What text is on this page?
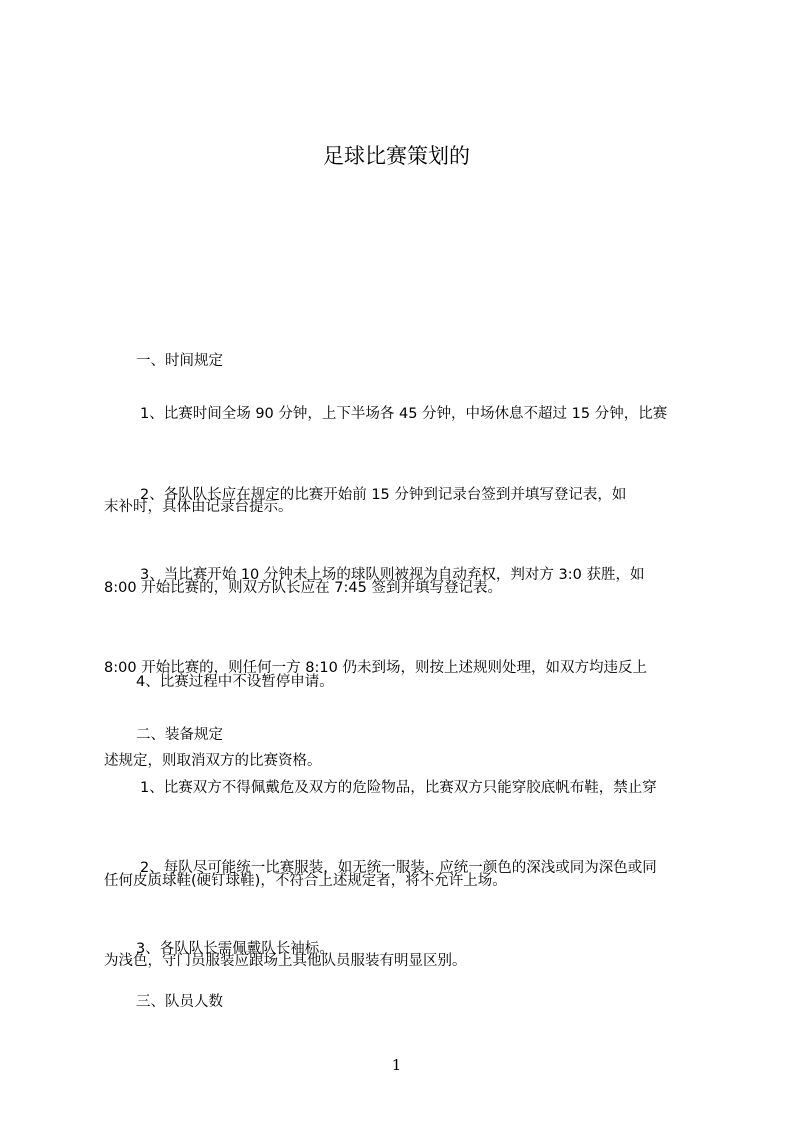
足球比赛策划的

一、时间规定

1、比赛时间全场 90 分钟，上下半场各 45 分钟，中场休息不超过 15 分钟，比赛

末补时，具体由记录台提示。

2、各队队长应在规定的比赛开始前 15 分钟到记录台签到并填写登记表，如

8:00 开始比赛的，则双方队长应在 7:45 签到并填写登记表。

3、当比赛开始 10 分钟未上场的球队则被视为自动弃权，判对方 3:0 获胜，如

8:00 开始比赛的，则任何一方 8:10 仍未到场，则按上述规则处理，如双方均违反上

述规定，则取消双方的比赛资格。

4、比赛过程中不设暂停申请。

二、装备规定

1、比赛双方不得佩戴危及双方的危险物品，比赛双方只能穿胶底帆布鞋，禁止穿

任何皮质球鞋(硬钉球鞋)，不符合上述规定者，将不允许上场。

2、每队尽可能统一比赛服装，如无统一服装，应统一颜色的深浅或同为深色或同

为浅色，守门员服装应跟场上其他队员服装有明显区别。

3、各队队长需佩戴队长袖标。

三、队员人数

1
